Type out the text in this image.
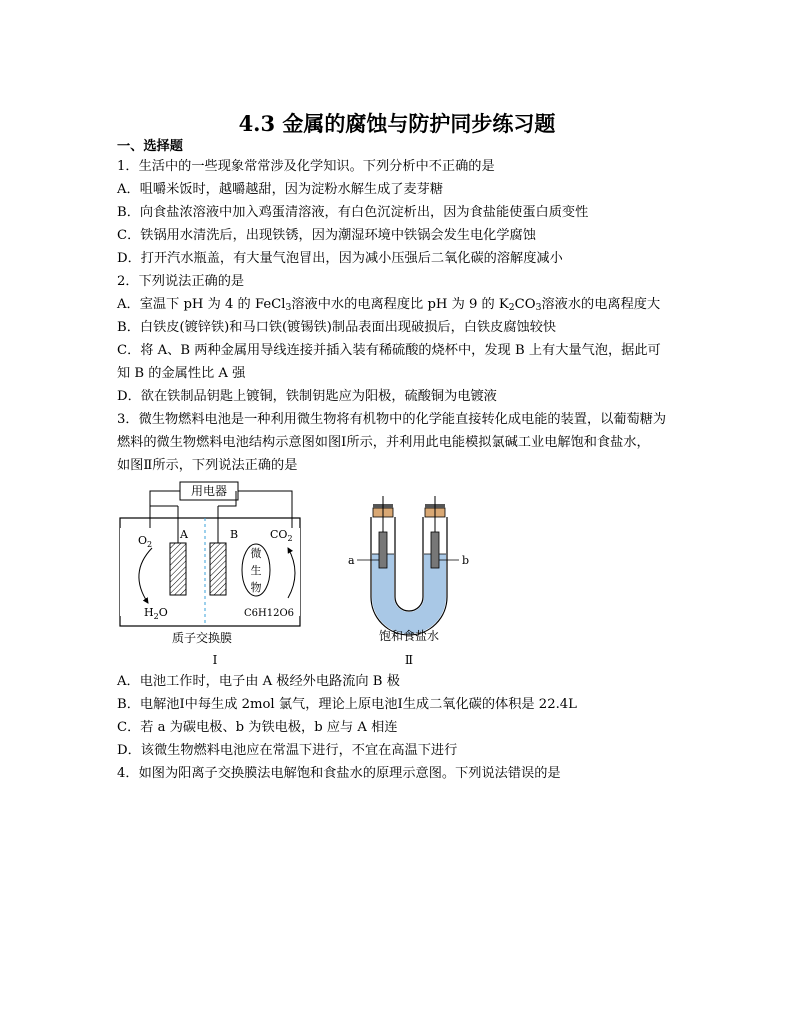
4.3 金属的腐蚀与防护同步练习题
一、选择题
1．生活中的一些现象常常涉及化学知识。下列分析中不正确的是
A．咀嚼米饭时，越嚼越甜，因为淀粉水解生成了麦芽糖
B．向食盐浓溶液中加入鸡蛋清溶液，有白色沉淀析出，因为食盐能使蛋白质变性
C．铁锅用水清洗后，出现铁锈，因为潮湿环境中铁锅会发生电化学腐蚀
D．打开汽水瓶盖，有大量气泡冒出，因为减小压强后二氧化碳的溶解度减小
2．下列说法正确的是
A．室温下 pH 为 4 的 FeCl$_3$溶液中水的电离程度比 pH 为 9 的 $K_2CO_3$溶液水的电离程度大
B．白铁皮(镀锌铁)和马口铁(镀锡铁)制品表面出现破损后，白铁皮腐蚀较快
C．将 A、B 两种金属用导线连接并插入装有稀硫酸的烧杯中，发现 B 上有大量气泡，据此可
知 B 的金属性比 A 强
D．欲在铁制品钥匙上镀铜，铁制钥匙应为阳极，硫酸铜为电镀液
3．微生物燃料电池是一种利用微生物将有机物中的化学能直接转化成电能的装置，以葡萄糖为
燃料的微生物燃料电池结构示意图如图Ⅰ所示，并利用此电能模拟氯碱工业电解饱和食盐水，
如图Ⅱ所示，下列说法正确的是
用电器
A	B
微
生
物
$O_2$
$H_2O$
$CO_2$
C6H12O6
质子交换膜
Ⅰ
a	b
饱和食盐水
Ⅱ
A．电池工作时，电子由 A 极经外电路流向 B 极
B．电解池Ⅰ中每生成 2mol 氯气，理论上原电池Ⅰ生成二氧化碳的体积是 22.4L
C．若 a 为碳电极、b 为铁电极，b 应与 A 相连
D．该微生物燃料电池应在常温下进行，不宜在高温下进行
4．如图为阳离子交换膜法电解饱和食盐水的原理示意图。下列说法错误的是
